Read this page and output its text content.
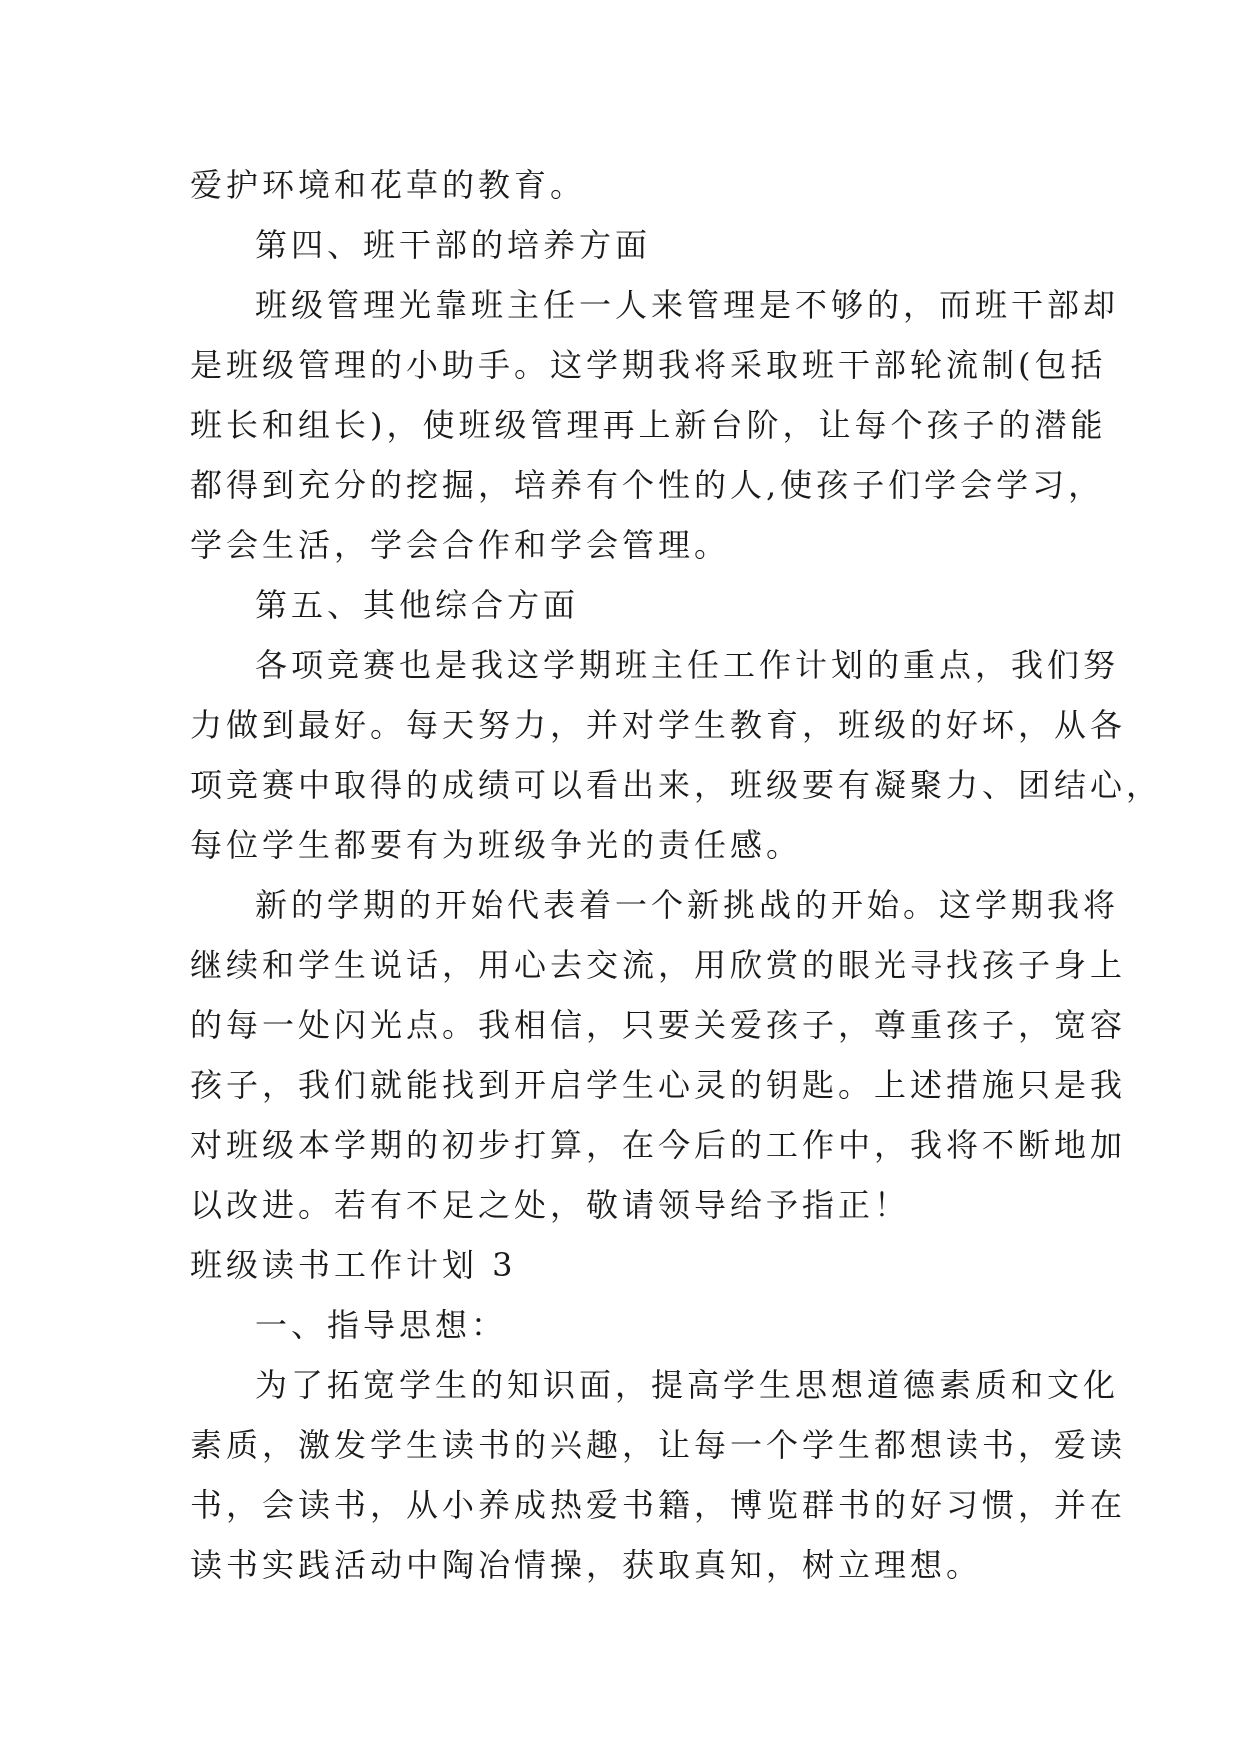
爱护环境和花草的教育。
第四、班干部的培养方面
班级管理光靠班主任一人来管理是不够的，而班干部却
是班级管理的小助手。这学期我将采取班干部轮流制(包括
班长和组长)，使班级管理再上新台阶，让每个孩子的潜能
都得到充分的挖掘，培养有个性的人,使孩子们学会学习，
学会生活，学会合作和学会管理。
第五、其他综合方面
各项竞赛也是我这学期班主任工作计划的重点，我们努
力做到最好。每天努力，并对学生教育，班级的好坏，从各
项竞赛中取得的成绩可以看出来，班级要有凝聚力、团结心，
每位学生都要有为班级争光的责任感。
新的学期的开始代表着一个新挑战的开始。这学期我将
继续和学生说话，用心去交流，用欣赏的眼光寻找孩子身上
的每一处闪光点。我相信，只要关爱孩子，尊重孩子，宽容
孩子，我们就能找到开启学生心灵的钥匙。上述措施只是我
对班级本学期的初步打算，在今后的工作中，我将不断地加
以改进。若有不足之处，敬请领导给予指正！
班级读书工作计划 3
一、指导思想：
为了拓宽学生的知识面，提高学生思想道德素质和文化
素质，激发学生读书的兴趣，让每一个学生都想读书，爱读
书，会读书，从小养成热爱书籍，博览群书的好习惯，并在
读书实践活动中陶冶情操，获取真知，树立理想。
